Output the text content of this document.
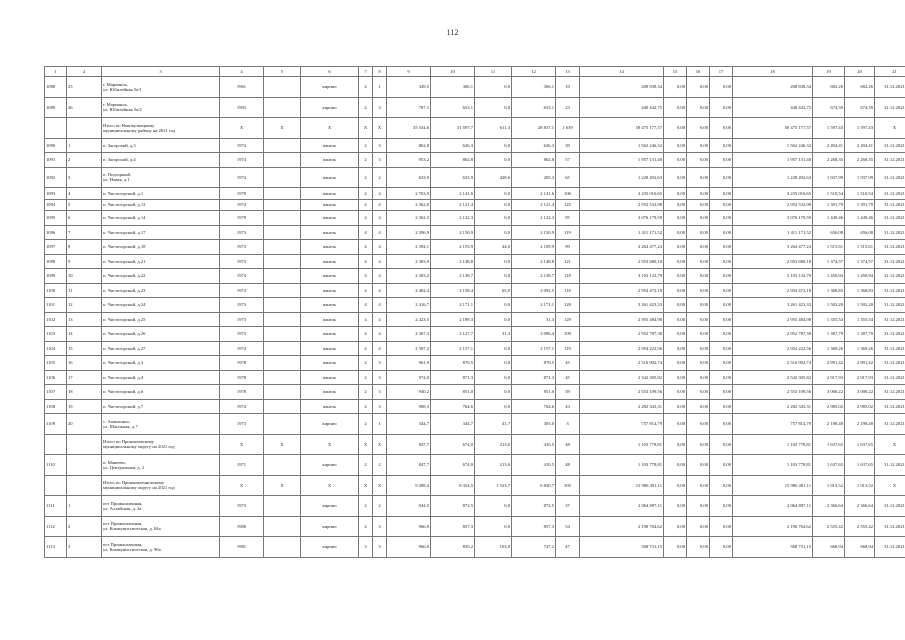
112
1	2	3	4	5	6	7	8	9	10	11	12	13	14	15	16	17	18	19	20	21
1088	25	г. Мариинск,
ул. Юбилейная 5а/1	1961		кирпич	2	1	349,5	306,1	0,0	306,1	10	208 838,34	0,00	0,00	0,00	208 838,34	682,26	682,26	31.12.2021
1089	26	г. Мариинск,
ул. Юбилейная 5а/2	1993		кирпич	2	3	787,1	653,1	0,0	653,1	23	440 442,75	0,00	0,00	0,00	440 442,75	674,39	674,39	31.12.2021
		Итого по Новокузнецкому
муниципальному району на 2021 год	X	X	X	X	X	35 334,6	31 597,7	611,3	28 837,1	1 639	50 475 177,57	0,00	0,00	0,00	50 475 177,57	1 597,43	1 597,43	X
1090	1	п. Загорский, д.3	1974		панель	2	3	862,8	626,3	0,0	626,3	39	1 562 246,32	0,00	0,00	0,00	1 562 246,32	2 494,41	2 494,41	31.12.2021
1091	2	п. Загорский, д.4	1974		панель	2	3	953,2	862,8	0,0	862,8	57	1 957 131,40	0,00	0,00	0,00	1 957 131,40	2 268,35	2 268,35	31.12.2021
1092	3	п. Подгорный,
ул. Новая, д.1	1974		панель	2	2	633,9	633,9	428,6	205,3	65	1 228 492,63	0,00	0,00	0,00	1 228 492,63	1 937,99	1 937,99	31.12.2021
1093	4	п. Чистогорский, д.1	1979		панель	4	4	2 763,9	2 141,6	0,0	2 141,6	106	3 235 016,65	0,00	0,00	0,00	3 235 016,65	1 510,54	1 510,54	31.12.2021
1094	5	п. Чистогорский, д.13	1974		панель	4	4	2 362,0	2 121,4	0,0	2 121,4	125	2 952 532,98	0,00	0,00	0,00	2 952 532,98	1 391,79	1 391,79	31.12.2021
1095	6	п. Чистогорский, д.14	1979		панель	4	4	2 362,5	2 122,3	0,0	2 122,3	95	3 076 179,59	0,00	0,00	0,00	3 076 179,59	1 449,46	1 449,46	31.12.2021
1096	7	п. Чистогорский, д.17	1973		панель	4	4	2 396,9	2 150,9	0,0	2 150,9	119	1 411 171,52	0,00	0,00	0,00	1 411 171,52	656,08	656,08	31.12.2021
1097	8	п. Чистогорский, д.18	1973		панель	4	4	2 394,1	2 153,9	44,0	2 109,9	99	3 264 477,24	0,00	0,00	0,00	3 264 477,24	1 515,61	1 515,61	31.12.2021
1098	9	п. Чистогорский, д.21	1973		панель	4	4	2 383,9	2 148,8	0,0	2 148,8	121	2 953 680,18	0,00	0,00	0,00	2 953 680,18	1 374,57	1 374,57	31.12.2021
1099	10	п. Чистогорский, д.22	1974		панель	4	4	2 383,2	2 138,7	0,0	2 138,7	118	3 103 132,79	0,00	0,00	0,00	3 103 132,79	1 450,94	1 450,94	31.12.2021
1100	11	п. Чистогорский, д.23	1973		панель	4	4	2 402,4	2 158,4	65,9	2 092,5	118	2 954 472,18	0,00	0,00	0,00	2 954 472,18	1 368,83	1 368,83	31.12.2021
1101	12	п. Чистогорский, д.24	1973		панель	4	4	2 416,7	2 171,1	0,0	2 171,1	120	3 261 423,33	0,00	0,00	0,00	3 261 423,33	1 502,20	1 502,20	31.12.2021
1102	13	п. Чистогорский, д.25	1973		панель	4	4	2 423,5	2 189,3	0,0	31,3	129	2 955 484,98	0,00	0,00	0,00	2 955 484,98	1 355,54	1 355,54	31.12.2021
1103	14	п. Чистогорский, д.26	1973		панель	4	4	2 367,3	2 127,7	31,3	2 096,4	109	2 952 787,38	0,00	0,00	0,00	2 952 787,38	1 387,79	1 387,79	31.12.2021
1104	15	п. Чистогорский, д.27	1974		панель	4	4	2 397,2	2 157,1	0,0	2 157,1	119	2 954 222,56	0,00	0,00	0,00	2 954 222,56	1 369,26	1 369,26	31.12.2021
1105	16	п. Чистогорский, д.3	1978		панель	2	3	961,9	870,5	0,0	870,5	45	2 516 902,74	0,00	0,00	0,00	2 516 902,74	2 891,42	2 891,42	31.12.2021
1106	17	п. Чистогорский, д.4	1978		панель	2	3	974,0	871,3	0,0	871,3	45	2 542 305,82	0,00	0,00	0,00	2 542 305,82	2 917,93	2 917,93	31.12.2021
1107	18	п. Чистогорский, д.6	1978		панель	2	3	940,2	851,0	0,0	851,0	39	2 553 109,56	0,00	0,00	0,00	2 553 109,56	3 000,22	3 000,22	31.12.2021
1108	19	п. Чистогорский, д.7	1974		панель	2	3	988,3	764,6	0,0	764,6	43	2 282 343,31	0,00	0,00	0,00	2 282 343,31	2 985,02	2 985,02	31.12.2021
1109	20	с. Апанасино,
ул. Школьная, д.7	1973		кирпич	2	1	344,7	344,7	41,7	303,0	3	757 814,79	0,00	0,00	0,00	757 814,79	2 198,48	2 198,48	31.12.2021
		Итого по Прокопьевскому
муниципальному округу на 2021 год	X	X	X	X	X	847,7	674,0	213,6	410,5	48	1 103 778,81	0,00	0,00	0,00	1 103 778,81	1 637,65	1 637,65	X
1110		п. Манеево,
ул. Центральная, д. 2	1971		кирпич	2	2	847,7	674,0	213,6	410,5	48	1 103 778,81	0,00	0,00	0,00	1 103 778,81	1 637,65	1 637,65	31.12.2021
		Итого по Промышленновскому
муниципальному округу на 2021 год	X	X	X	X	X	9 498,4	8 354,5	1 523,7	6 830,7	395	15 986 491,11	0,00	0,00	0,00	15 986 491,11	1 913,52	1 913,52	X
1111	1	пгт Промышленная,
ул. Алтайская, д. 2а	1973		кирпич	2	2	944,5	872,5	0,0	872,5	37	2 064 897,11	0,00	0,00	0,00	2 064 897,11	2 366,64	2 366,64	31.12.2021
1112	2	пгт Промышленная,
ул. Коммунистическая, д. 84а	1980		кирпич	2	3	966,0	857,3	0,0	857,3	54	2 190 764,62	0,00	0,00	0,00	2 190 764,62	2 555,42	2 555,42	31.12.2021
1113	3	пгт Промышленная,
ул. Коммунистическая, д. 90а	1981		кирпич	3	3	966,0	850,2	103,0	747,2	47	568 731,15	0,00	0,00	0,00	568 731,15	668,94	668,94	31.12.2021
